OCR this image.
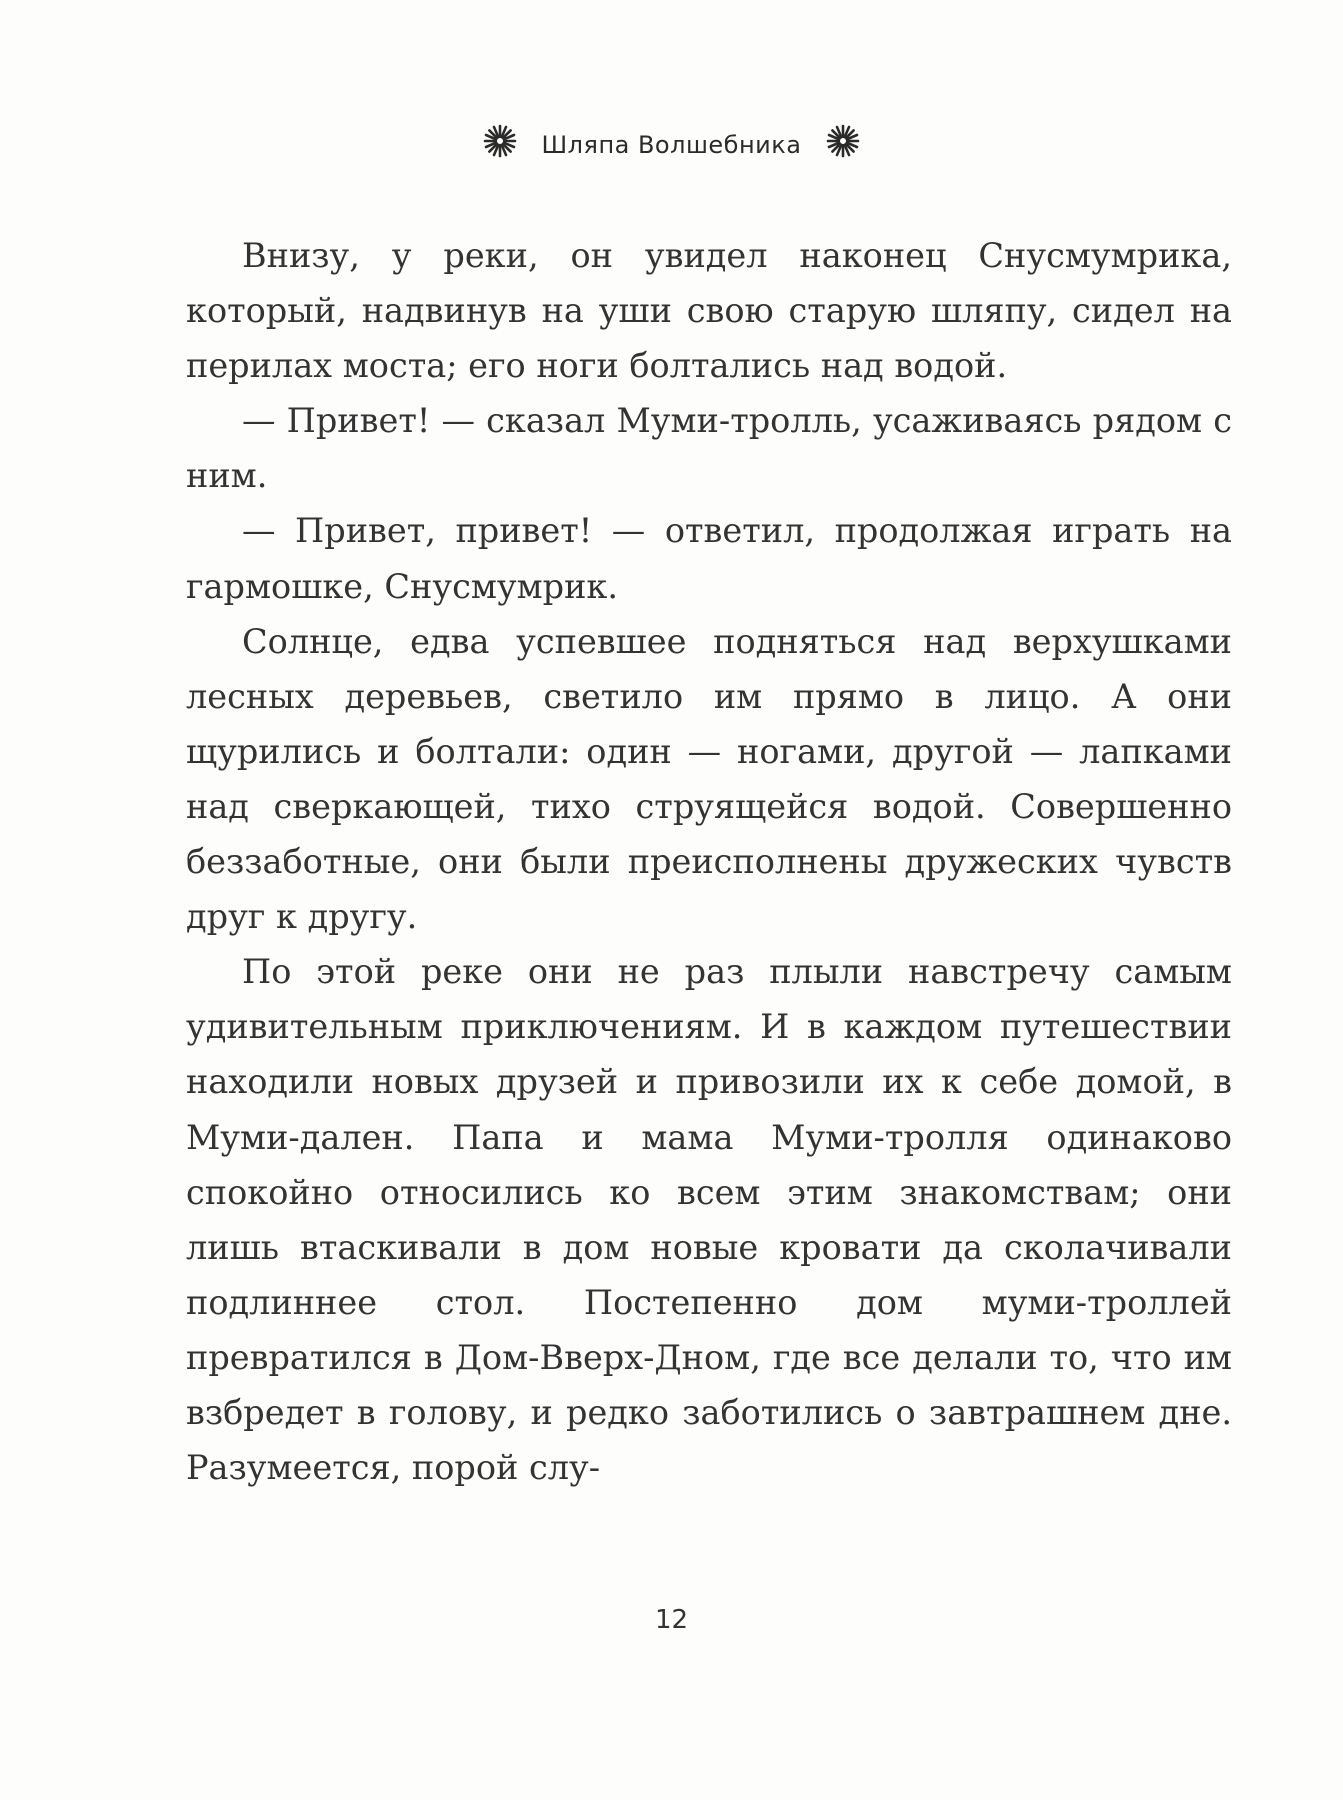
Шляпа Волшебника

Внизу, у реки, он увидел наконец Снусмумрика, который, надвинув на уши свою старую шляпу, сидел на перилах моста; его ноги болтались над водой.

— Привет! — сказал Муми-тролль, усаживаясь рядом с ним.

— Привет, привет! — ответил, продолжая играть на гармошке, Снусмумрик.

Солнце, едва успевшее подняться над верхушками лесных деревьев, светило им прямо в лицо. А они щурились и болтали: один — ногами, другой — лапками над сверкающей, тихо струящейся водой. Совершенно беззаботные, они были преисполнены дружеских чувств друг к другу.

По этой реке они не раз плыли навстречу самым удивительным приключениям. И в каждом путешествии находили новых друзей и привозили их к себе домой, в Муми-дален. Папа и мама Муми-тролля одинаково спокойно относились ко всем этим знакомствам; они лишь втаскивали в дом новые кровати да сколачивали подлиннее стол. Постепенно дом муми-троллей превратился в Дом-Вверх-Дном, где все делали то, что им взбредет в голову, и редко заботились о завтрашнем дне. Разумеется, порой слу-

12
